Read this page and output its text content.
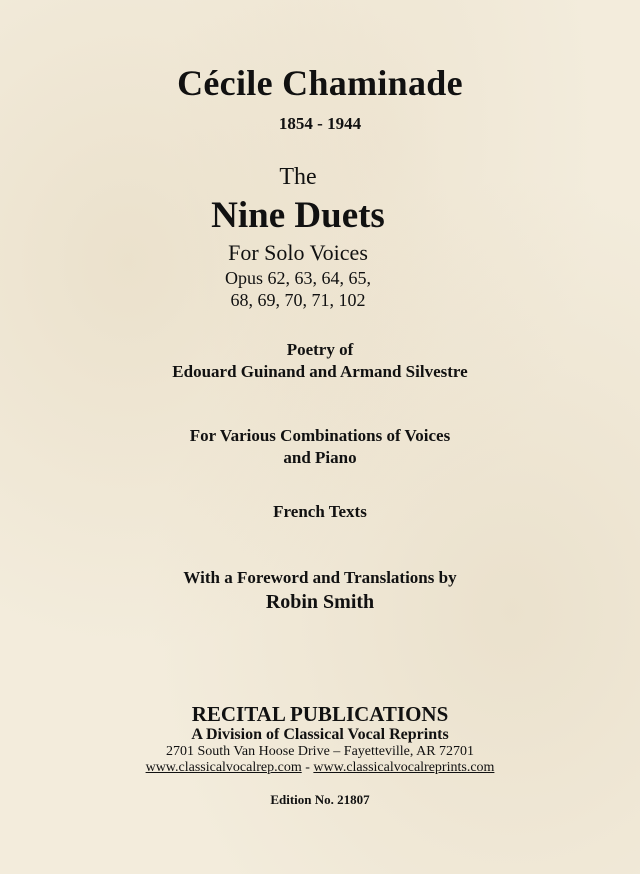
Cécile Chaminade
1854 - 1944
The
Nine Duets
For Solo Voices
Opus 62, 63, 64, 65,
68, 69, 70, 71, 102
Poetry of
Edouard Guinand and Armand Silvestre
For Various Combinations of Voices
and Piano
French Texts
With a Foreword and Translations by
Robin Smith
RECITAL PUBLICATIONS
A Division of Classical Vocal Reprints
2701 South Van Hoose Drive – Fayetteville, AR 72701
www.classicalvocalrep.com - www.classicalvocalreprints.com
Edition No. 21807
